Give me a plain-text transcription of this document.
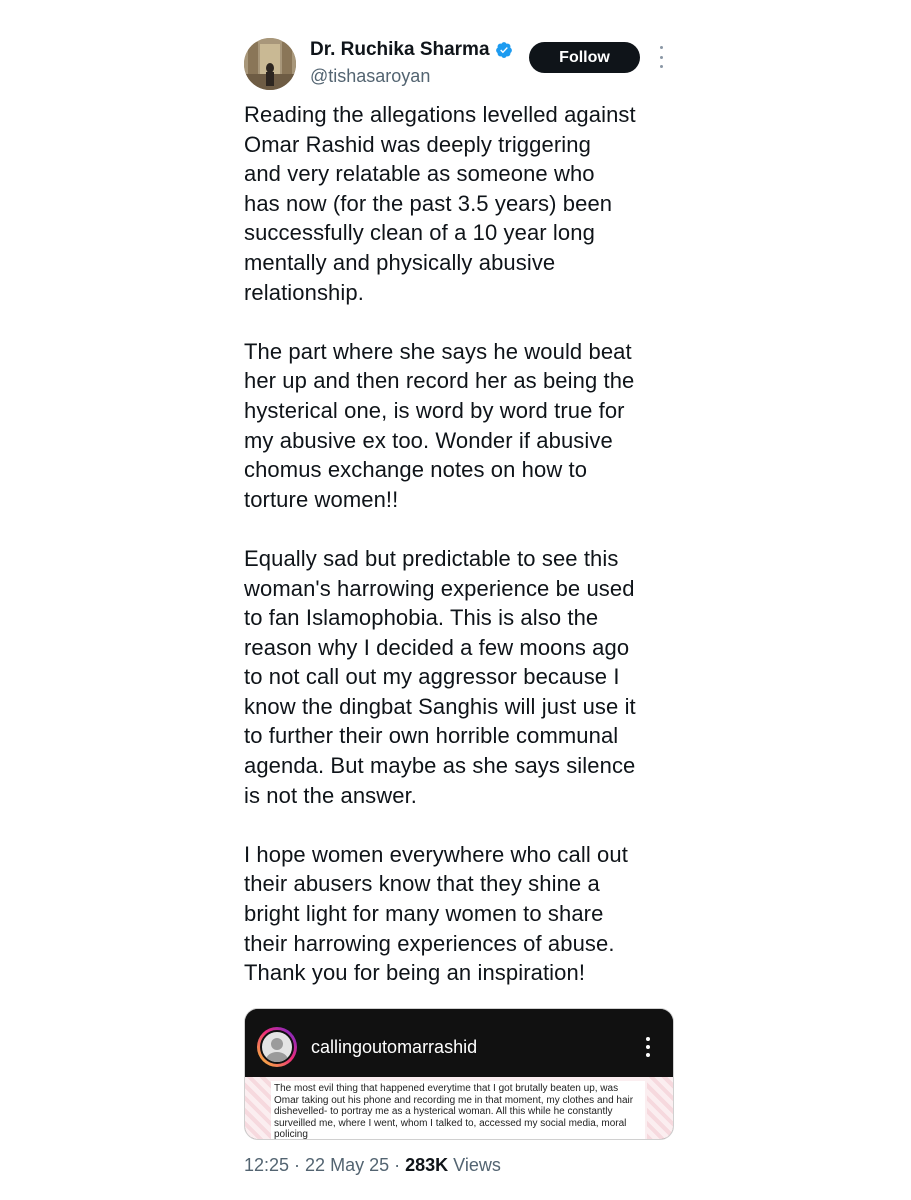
Dr. Ruchika Sharma
@tishasaroyan
Follow

Reading the allegations levelled against
Omar Rashid was deeply triggering
and very relatable as someone who
has now (for the past 3.5 years) been
successfully clean of a 10 year long
mentally and physically abusive
relationship.

The part where she says he would beat
her up and then record her as being the
hysterical one, is word by word true for
my abusive ex too. Wonder if abusive
chomus exchange notes on how to
torture women!!

Equally sad but predictable to see this
woman's harrowing experience be used
to fan Islamophobia. This is also the
reason why I decided a few moons ago
to not call out my aggressor because I
know the dingbat Sanghis will just use it
to further their own horrible communal
agenda. But maybe as she says silence
is not the answer.

I hope women everywhere who call out
their abusers know that they shine a
bright light for many women to share
their harrowing experiences of abuse.
Thank you for being an inspiration!

callingoutomarrashid
The most evil thing that happened everytime that I got brutally beaten up, was Omar taking out his phone and recording me in that moment, my clothes and hair dishevelled- to portray me as a hysterical woman. All this while he constantly surveilled me, where I went, whom I talked to, accessed my social media, moral policing
12:25 · 22 May 25 · 283K Views
